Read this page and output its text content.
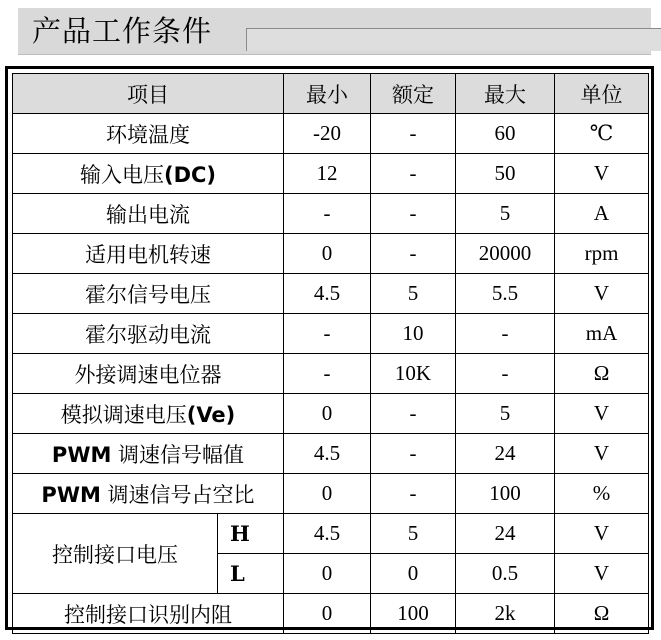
产品工作条件
项目		最小	额定	最大	单位
环境温度		-20	-	60	℃
输入电压(DC)		12	-	50	V
输出电流		-	-	5	A
适用电机转速		0	-	20000	rpm
霍尔信号电压		4.5	5	5.5	V
霍尔驱动电流		-	10	-	mA
外接调速电位器		-	10K	-	Ω
模拟调速电压(Ve)		0	-	5	V
PWM 调速信号幅值		4.5	-	24	V
PWM 调速信号占空比		0	-	100	%
控制接口电压	H	4.5	5	24	V
	L	0	0	0.5	V
控制接口识别内阻		0	100	2k	Ω
